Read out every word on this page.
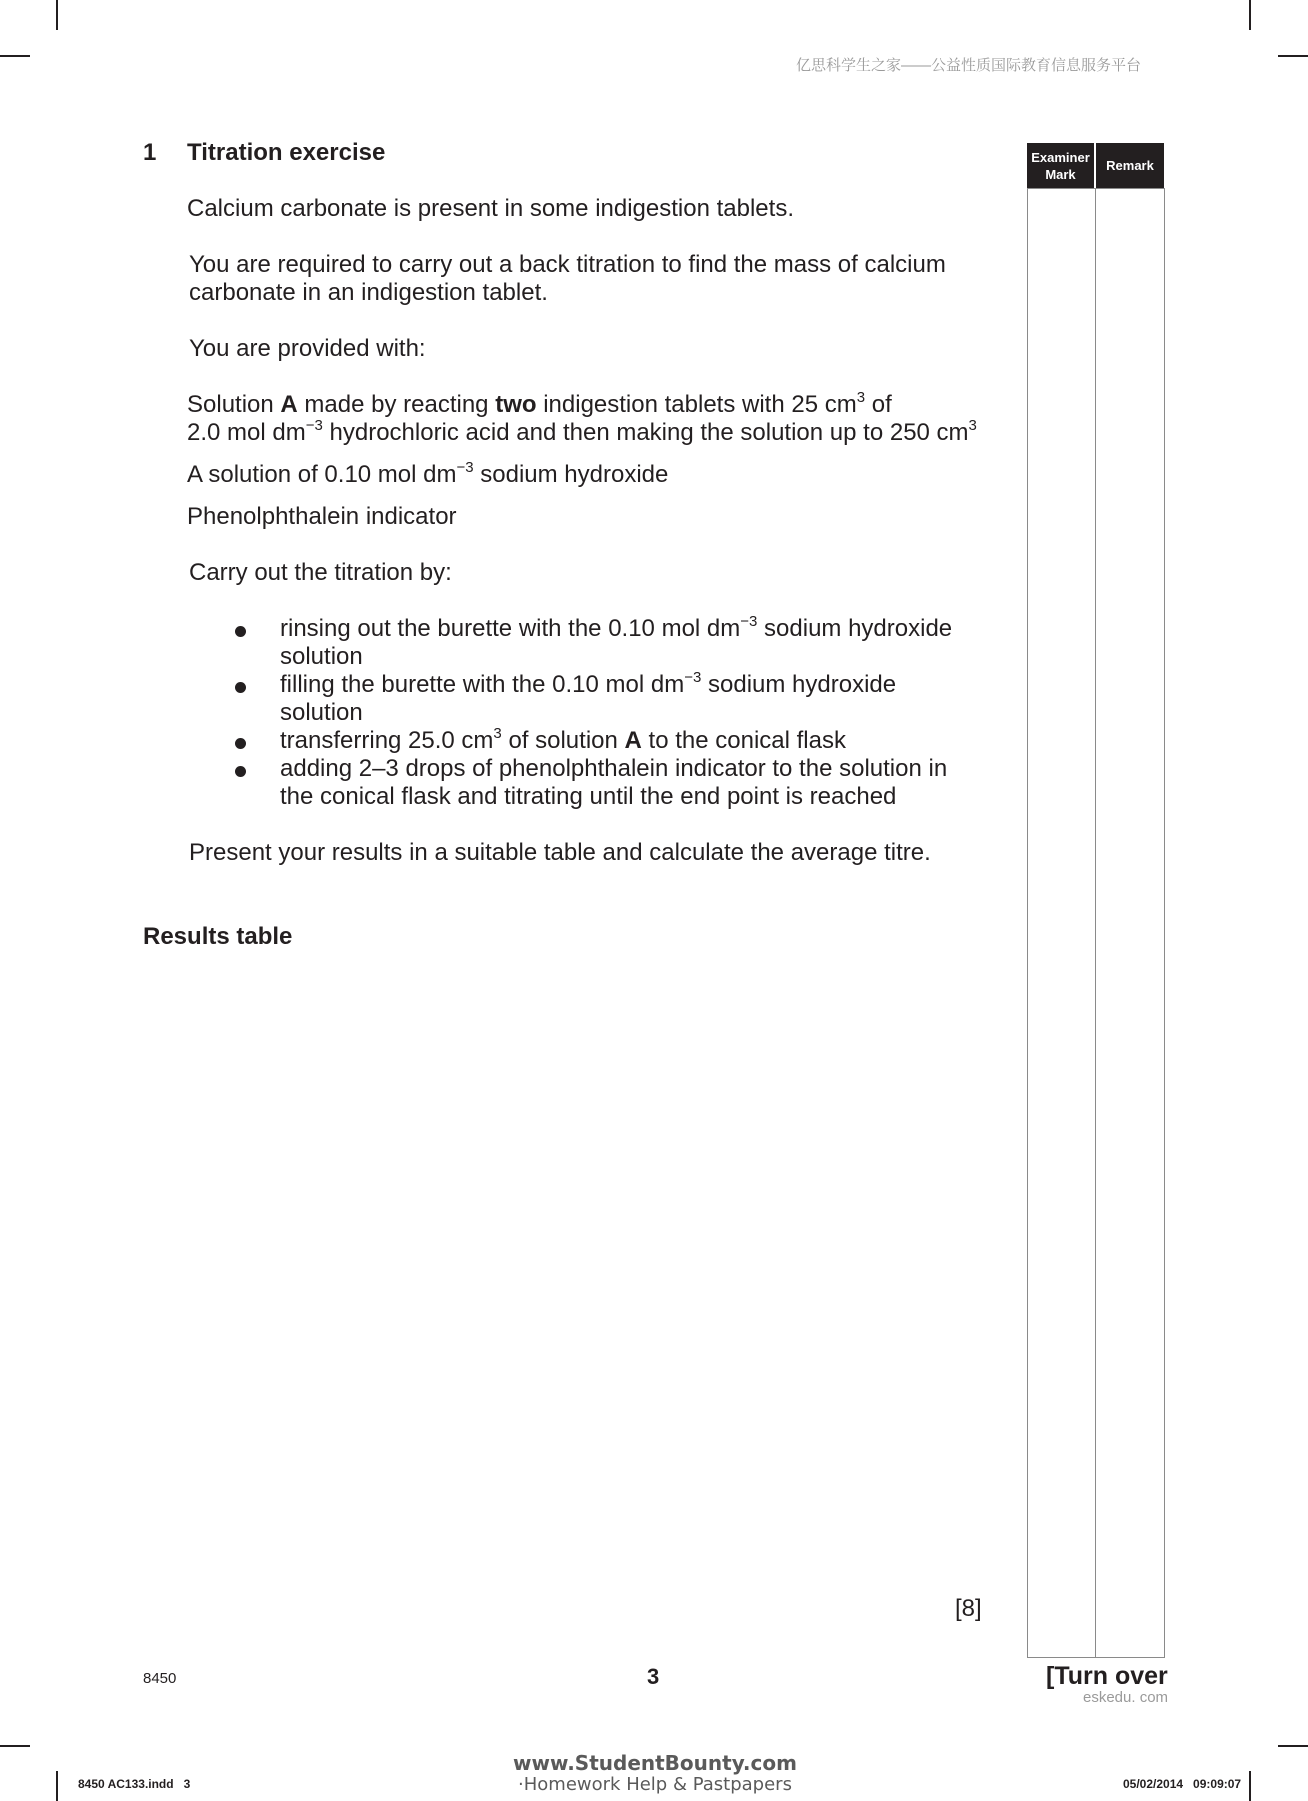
亿思科学生之家——公益性质国际教育信息服务平台
1 Titration exercise
Calcium carbonate is present in some indigestion tablets.
You are required to carry out a back titration to find the mass of calcium
carbonate in an indigestion tablet.
You are provided with:
Solution A made by reacting two indigestion tablets with 25 $cm^3$ of
2.0 mol $dm^{-3}$ hydrochloric acid and then making the solution up to 250 $cm^3$
A solution of 0.10 mol $dm^{-3}$ sodium hydroxide
Phenolphthalein indicator
Carry out the titration by:
rinsing out the burette with the 0.10 mol $dm^{-3}$ sodium hydroxide
solution
filling the burette with the 0.10 mol $dm^{-3}$ sodium hydroxide
solution
transferring 25.0 $cm^3$ of solution A to the conical flask
adding 2–3 drops of phenolphthalein indicator to the solution in
the conical flask and titrating until the end point is reached
Present your results in a suitable table and calculate the average titre.
Results table
[8]
Examiner Mark
Remark
8450	3	[Turn over
eskedu. com
8450 AC133.indd   3	05/02/2014   09:09:07
www.StudentBounty.com
·Homework Help & Pastpapers
